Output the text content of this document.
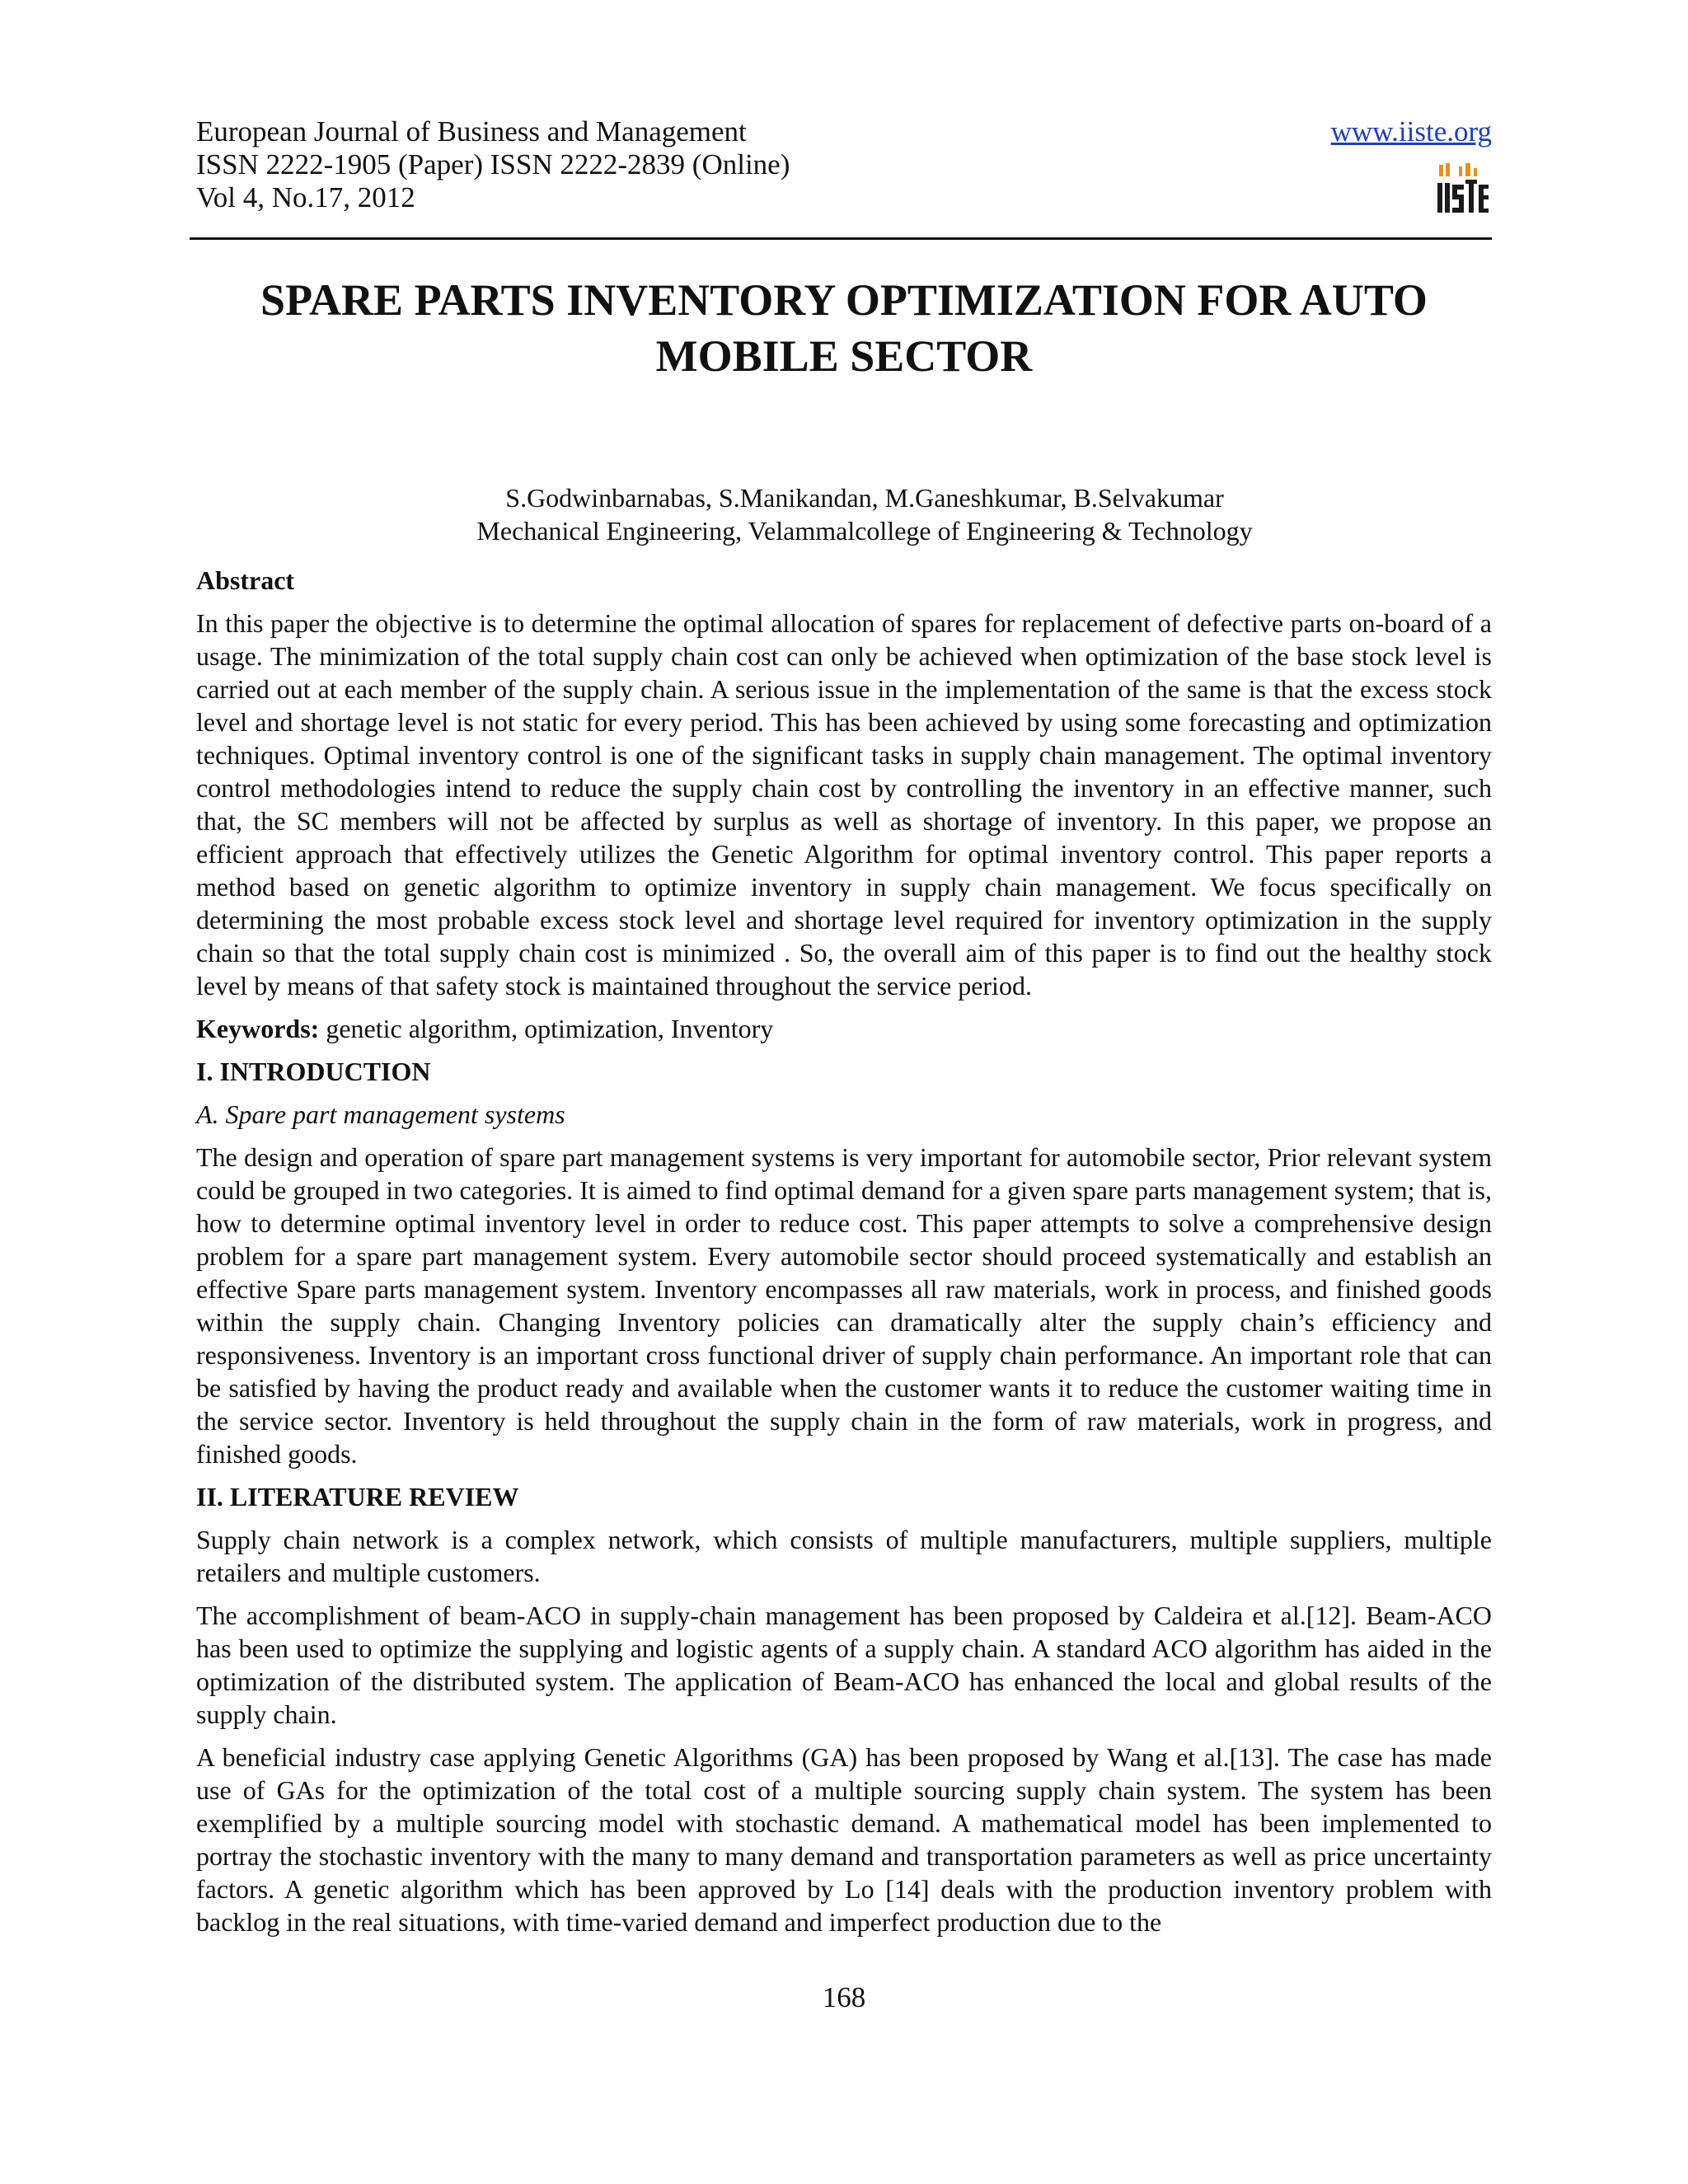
European Journal of Business and Management
ISSN 2222-1905 (Paper) ISSN 2222-2839 (Online)
Vol 4, No.17, 2012
www.iiste.org
SPARE PARTS INVENTORY OPTIMIZATION FOR AUTO
MOBILE SECTOR
S.Godwinbarnabas, S.Manikandan, M.Ganeshkumar, B.Selvakumar
Mechanical Engineering, Velammalcollege of Engineering & Technology
Abstract

In this paper the objective is to determine the optimal allocation of spares for replacement of defective parts on-board of a usage. The minimization of the total supply chain cost can only be achieved when optimization of the base stock level is carried out at each member of the supply chain. A serious issue in the implementation of the same is that the excess stock level and shortage level is not static for every period. This has been achieved by using some forecasting and optimization techniques. Optimal inventory control is one of the significant tasks in supply chain management. The optimal inventory control methodologies intend to reduce the supply chain cost by controlling the inventory in an effective manner, such that, the SC members will not be affected by surplus as well as shortage of inventory. In this paper, we propose an efficient approach that effectively utilizes the Genetic Algorithm for optimal inventory control. This paper reports a method based on genetic algorithm to optimize inventory in supply chain management. We focus specifically on determining the most probable excess stock level and shortage level required for inventory optimization in the supply chain so that the total supply chain cost is minimized . So, the overall aim of this paper is to find out the healthy stock level by means of that safety stock is maintained throughout the service period.

Keywords: genetic algorithm, optimization, Inventory

I. INTRODUCTION
A. Spare part management systems

The design and operation of spare part management systems is very important for automobile sector, Prior relevant system could be grouped in two categories. It is aimed to find optimal demand for a given spare parts management system; that is, how to determine optimal inventory level in order to reduce cost. This paper attempts to solve a comprehensive design problem for a spare part management system. Every automobile sector should proceed systematically and establish an effective Spare parts management system. Inventory encompasses all raw materials, work in process, and finished goods within the supply chain. Changing Inventory policies can dramatically alter the supply chain’s efficiency and responsiveness. Inventory is an important cross functional driver of supply chain performance. An important role that can be satisfied by having the product ready and available when the customer wants it to reduce the customer waiting time in the service sector. Inventory is held throughout the supply chain in the form of raw materials, work in progress, and finished goods.

II. LITERATURE REVIEW

Supply chain network is a complex network, which consists of multiple manufacturers, multiple suppliers, multiple retailers and multiple customers.

The accomplishment of beam-ACO in supply-chain management has been proposed by Caldeira et al.[12]. Beam-ACO has been used to optimize the supplying and logistic agents of a supply chain. A standard ACO algorithm has aided in the optimization of the distributed system. The application of Beam-ACO has enhanced the local and global results of the supply chain.

A beneficial industry case applying Genetic Algorithms (GA) has been proposed by Wang et al.[13]. The case has made use of GAs for the optimization of the total cost of a multiple sourcing supply chain system. The system has been exemplified by a multiple sourcing model with stochastic demand. A mathematical model has been implemented to portray the stochastic inventory with the many to many demand and transportation parameters as well as price uncertainty factors. A genetic algorithm which has been approved by Lo [14] deals with the production inventory problem with backlog in the real situations, with time-varied demand and imperfect production due to the

168
